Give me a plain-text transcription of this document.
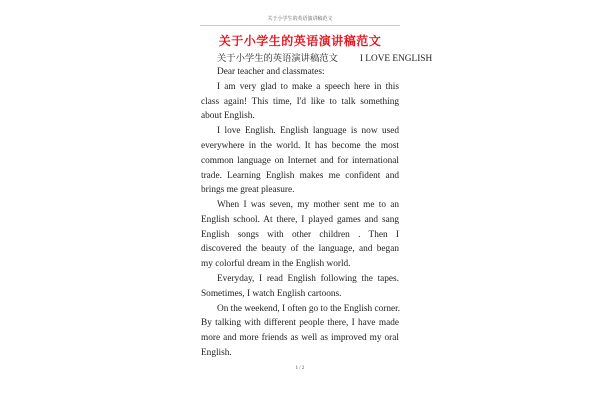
关于小学生的英语演讲稿范文
关于小学生的英语演讲稿范文
关于小学生的英语演讲稿范文 I LOVE ENGLISH
Dear teacher and classmates:
I am very glad to make a speech here in this
class again! This time, I'd like to talk something
about English.
I love English. English language is now used
everywhere in the world. It has become the most
common language on Internet and for international
trade. Learning English makes me confident and
brings me great pleasure.
When I was seven, my mother sent me to an
English school. At there, I played games and sang
English songs with other children . Then I
discovered the beauty of the language, and began
my colorful dream in the English world.
Everyday, I read English following the tapes.
Sometimes, I watch English cartoons.
On the weekend, I often go to the English corner.
By talking with different people there, I have made
more and more friends as well as improved my oral
English.
1 / 2
